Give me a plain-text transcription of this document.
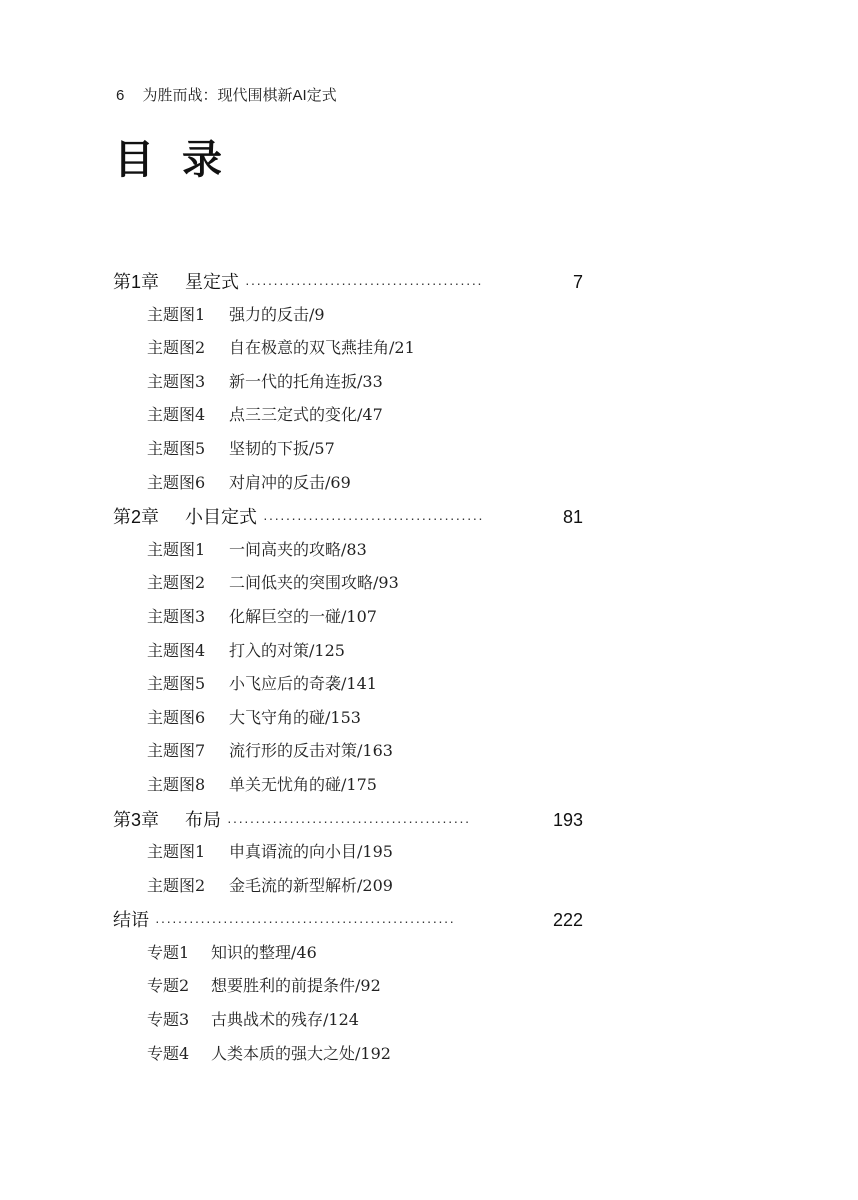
6 为胜而战：现代围棋新AI定式
目录
第1章	星定式 ··········································	7
主题图1	强力的反击/9
主题图2	自在极意的双飞燕挂角/21
主题图3	新一代的托角连扳/33
主题图4	点三三定式的变化/47
主题图5	坚韧的下扳/57
主题图6	对肩冲的反击/69
第2章	小目定式 ·······································	81
主题图1	一间高夹的攻略/83
主题图2	二间低夹的突围攻略/93
主题图3	化解巨空的一碰/107
主题图4	打入的对策/125
主题图5	小飞应后的奇袭/141
主题图6	大飞守角的碰/153
主题图7	流行形的反击对策/163
主题图8	单关无忧角的碰/175
第3章	布局 ···········································	193
主题图1	申真谞流的向小目/195
主题图2	金毛流的新型解析/209
结语 ·····················································	222
专题1	知识的整理/46
专题2	想要胜利的前提条件/92
专题3	古典战术的残存/124
专题4	人类本质的强大之处/192
